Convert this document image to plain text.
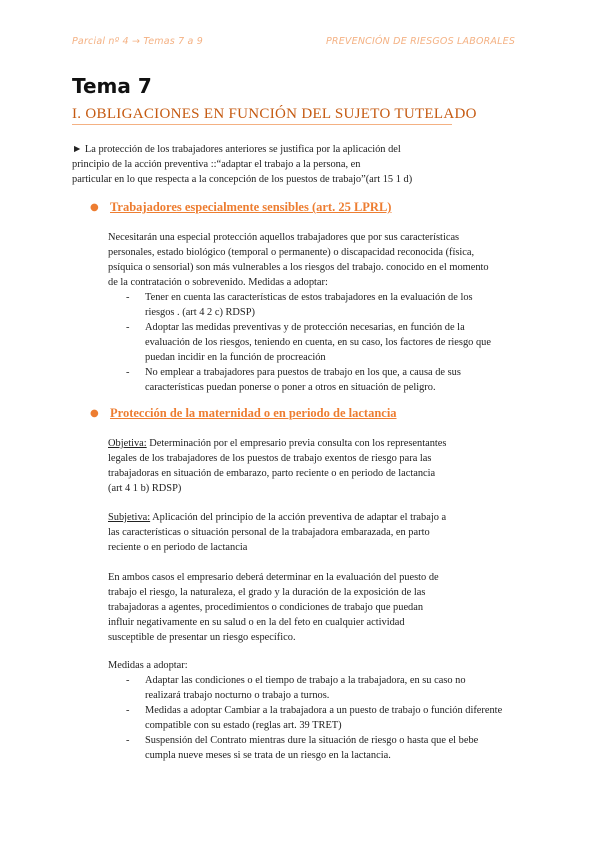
Parcial nº 4 → Temas 7 a 9	PREVENCIÓN DE RIESGOS LABORALES
Tema 7
I. OBLIGACIONES EN FUNCIÓN DEL SUJETO TUTELADO
► La protección de los trabajadores anteriores se justifica por la aplicación del
principio de la acción preventiva ::“adaptar el trabajo a la persona, en
particular en lo que respecta a la concepción de los puestos de trabajo”(art 15 1 d)
● Trabajadores especialmente sensibles (art. 25 LPRL)
Necesitarán una especial protección aquellos trabajadores que por sus características
personales, estado biológico (temporal o permanente) o discapacidad reconocida (física,
psíquica o sensorial) son más vulnerables a los riesgos del trabajo. conocido en el momento
de la contratación o sobrevenido. Medidas a adoptar:
- Tener en cuenta las características de estos trabajadores en la evaluación de los
riesgos . (art 4 2 c) RDSP)
- Adoptar las medidas preventivas y de protección necesarias, en función de la
evaluación de los riesgos, teniendo en cuenta, en su caso, los factores de riesgo que
puedan incidir en la función de procreación
- No emplear a trabajadores para puestos de trabajo en los que, a causa de sus
características puedan ponerse o poner a otros en situación de peligro.
● Protección de la maternidad o en periodo de lactancia
Objetiva: Determinación por el empresario previa consulta con los representantes
legales de los trabajadores de los puestos de trabajo exentos de riesgo para las
trabajadoras en situación de embarazo, parto reciente o en periodo de lactancia
(art 4 1 b) RDSP)
Subjetiva: Aplicación del principio de la acción preventiva de adaptar el trabajo a
las características o situación personal de la trabajadora embarazada, en parto
reciente o en periodo de lactancia
En ambos casos el empresario deberá determinar en la evaluación del puesto de
trabajo el riesgo, la naturaleza, el grado y la duración de la exposición de las
trabajadoras a agentes, procedimientos o condiciones de trabajo que puedan
influir negativamente en su salud o en la del feto en cualquier actividad
susceptible de presentar un riesgo específico.
Medidas a adoptar:
- Adaptar las condiciones o el tiempo de trabajo a la trabajadora, en su caso no
realizará trabajo nocturno o trabajo a turnos.
- Medidas a adoptar Cambiar a la trabajadora a un puesto de trabajo o función diferente
compatible con su estado (reglas art. 39 TRET)
- Suspensión del Contrato mientras dure la situación de riesgo o hasta que el bebe
cumpla nueve meses si se trata de un riesgo en la lactancia.
